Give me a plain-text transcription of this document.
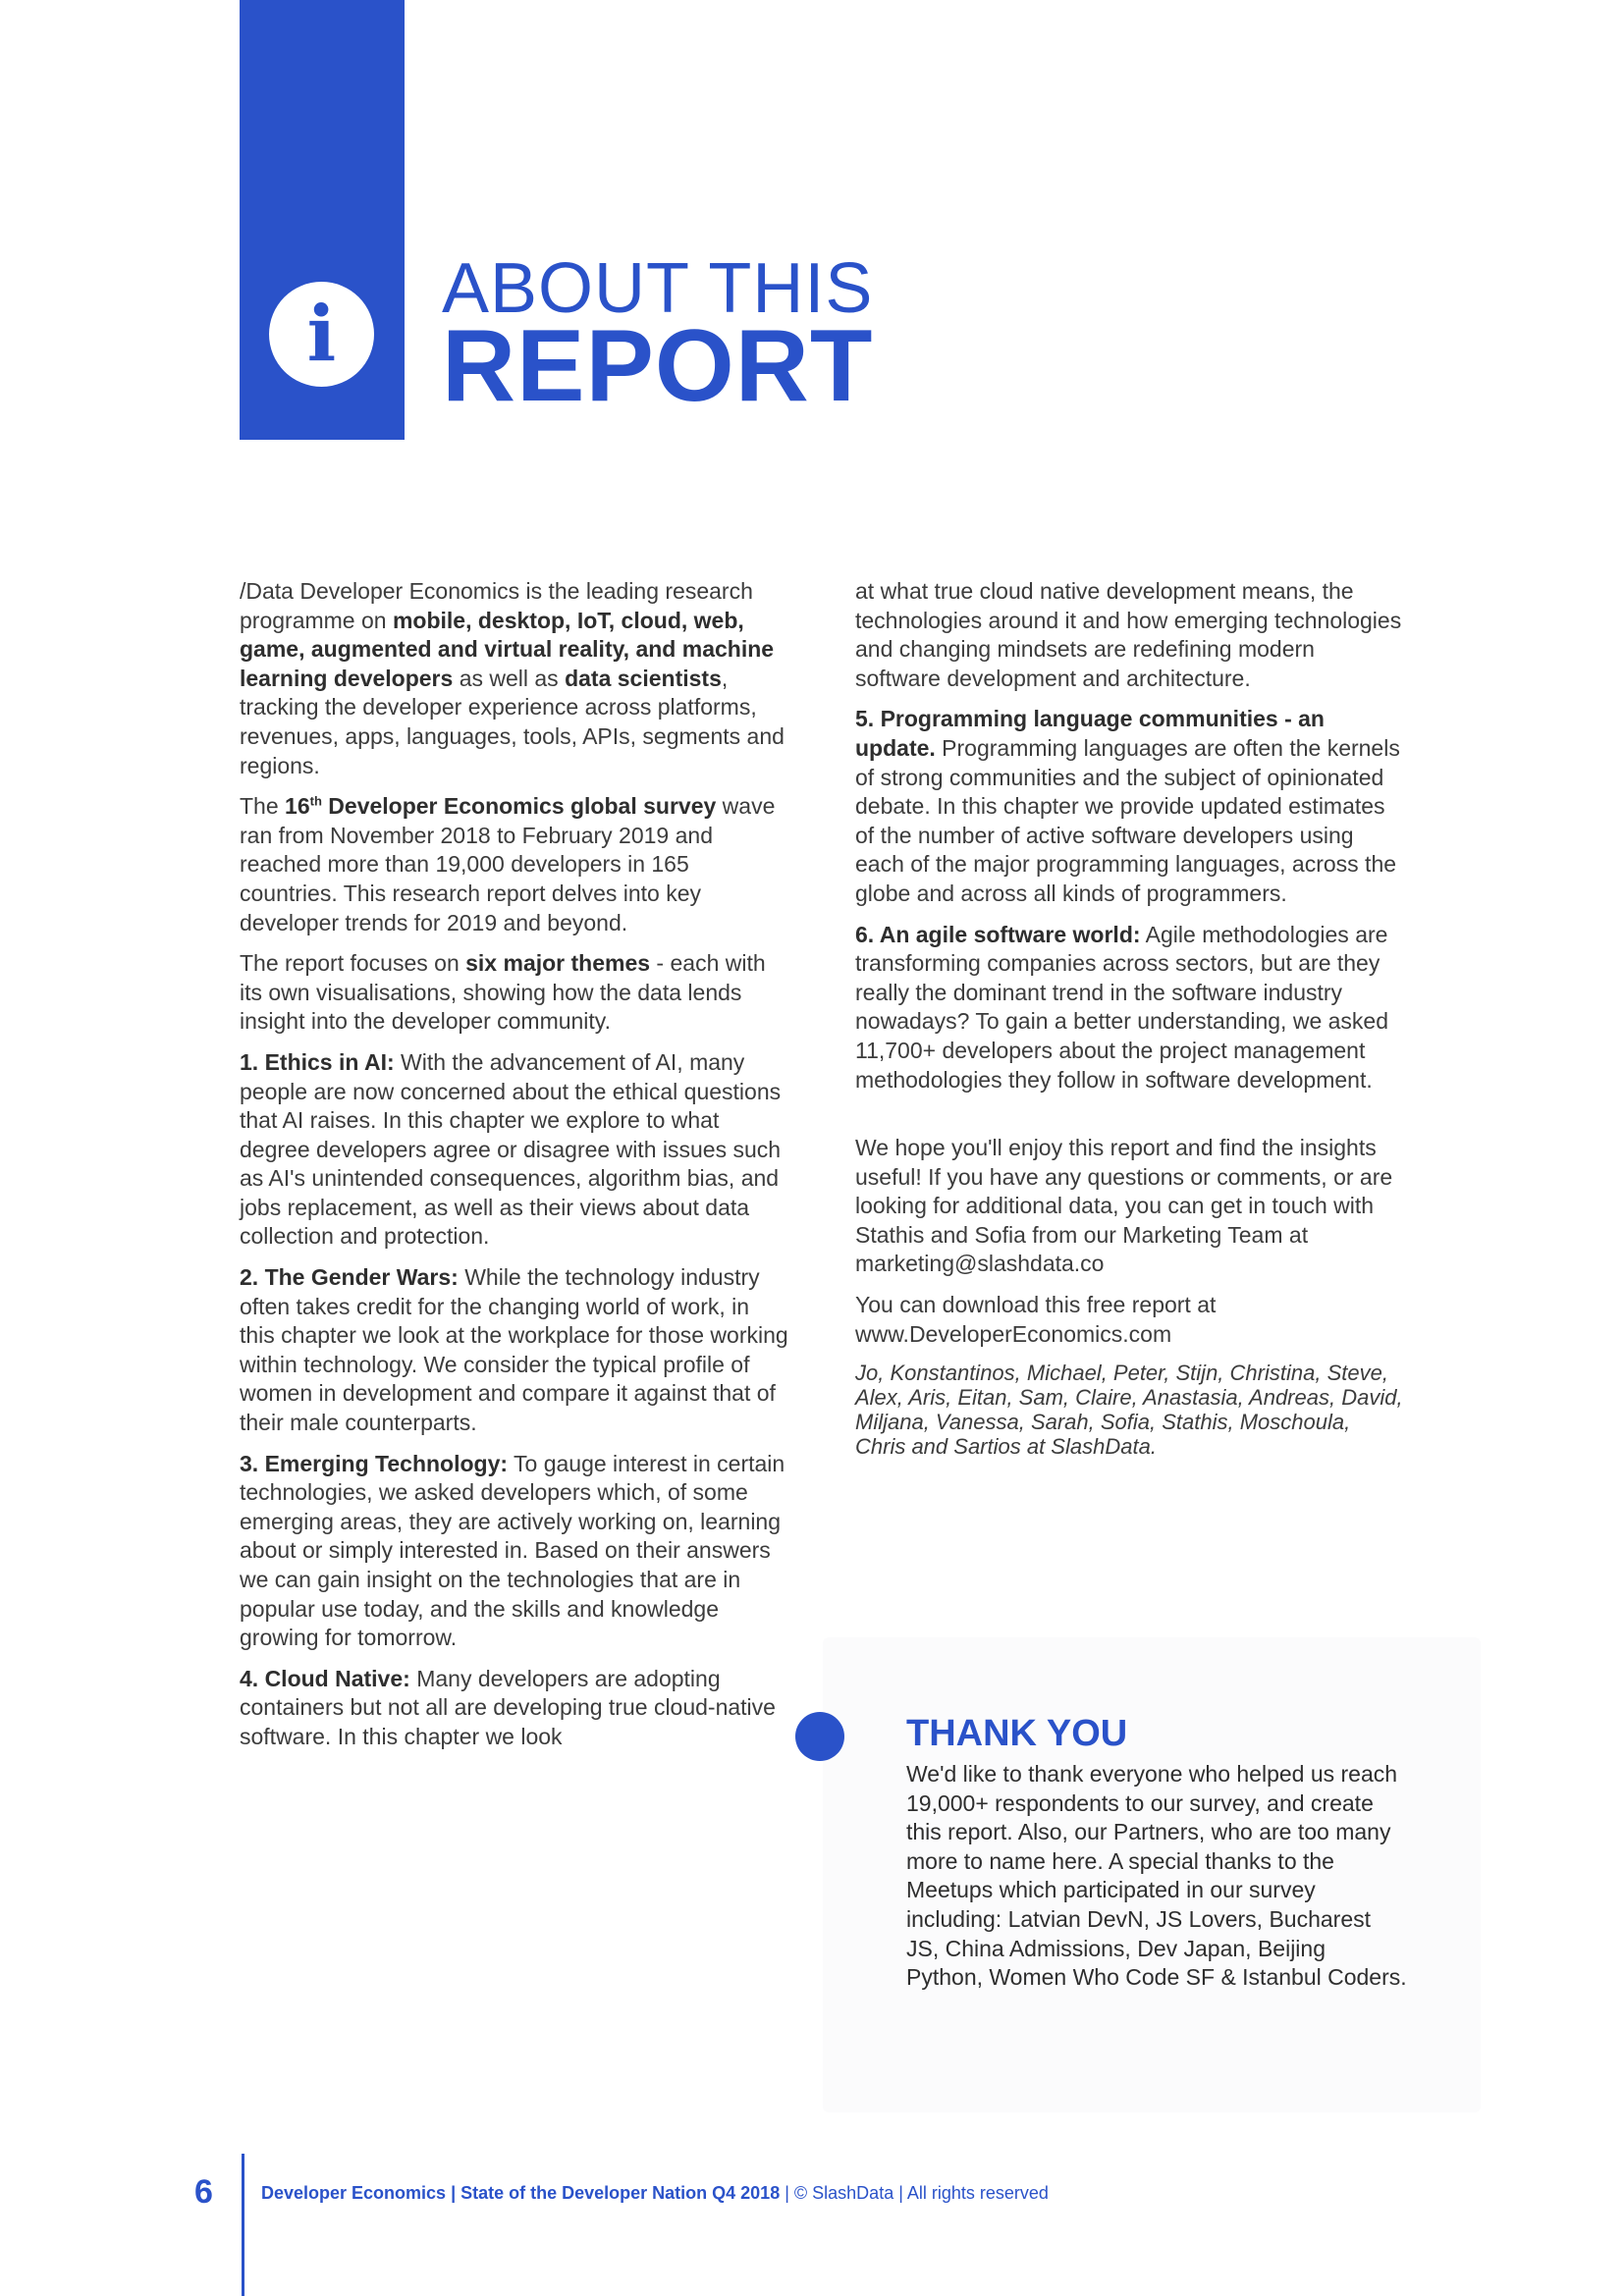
i
ABOUT THIS
REPORT

/Data Developer Economics is the leading research programme on mobile, desktop, IoT, cloud, web, game, augmented and virtual reality, and machine learning developers as well as data scientists, tracking the developer experience across platforms, revenues, apps, languages, tools, APIs, segments and regions.

The 16th Developer Economics global survey wave ran from November 2018 to February 2019 and reached more than 19,000 developers in 165 countries. This research report delves into key developer trends for 2019 and beyond.

The report focuses on six major themes - each with its own visualisations, showing how the data lends insight into the developer community.

1. Ethics in AI: With the advancement of AI, many people are now concerned about the ethical questions that AI raises. In this chapter we explore to what degree developers agree or disagree with issues such as AI's unintended consequences, algorithm bias, and jobs replacement, as well as their views about data collection and protection.

2. The Gender Wars: While the technology industry often takes credit for the changing world of work, in this chapter we look at the workplace for those working within technology. We consider the typical profile of women in development and compare it against that of their male counterparts.

3. Emerging Technology: To gauge interest in certain technologies, we asked developers which, of some emerging areas, they are actively working on, learning about or simply interested in. Based on their answers we can gain insight on the technologies that are in popular use today, and the skills and knowledge growing for tomorrow.

4. Cloud Native: Many developers are adopting containers but not all are developing true cloud-native software. In this chapter we look

at what true cloud native development means, the technologies around it and how emerging technologies and changing mindsets are redefining modern software development and architecture.

5. Programming language communities - an update. Programming languages are often the kernels of strong communities and the subject of opinionated debate. In this chapter we provide updated estimates of the number of active software developers using each of the major programming languages, across the globe and across all kinds of programmers.

6. An agile software world: Agile methodologies are transforming companies across sectors, but are they really the dominant trend in the software industry nowadays? To gain a better understanding, we asked 11,700+ developers about the project management methodologies they follow in software development.

We hope you'll enjoy this report and find the insights useful! If you have any questions or comments, or are looking for additional data, you can get in touch with Stathis and Sofia from our Marketing Team at marketing@slashdata.co

You can download this free report at www.DeveloperEconomics.com

Jo, Konstantinos, Michael, Peter, Stijn, Christina, Steve, Alex, Aris, Eitan, Sam, Claire, Anastasia, Andreas, David, Miljana, Vanessa, Sarah, Sofia, Stathis, Moschoula, Chris and Sartios at SlashData.

THANK YOU

We'd like to thank everyone who helped us reach 19,000+ respondents to our survey, and create this report. Also, our Partners, who are too many more to name here. A special thanks to the Meetups which participated in our survey including: Latvian DevN, JS Lovers, Bucharest JS, China Admissions, Dev Japan, Beijing Python, Women Who Code SF & Istanbul Coders.

6	Developer Economics | State of the Developer Nation Q4 2018 | © SlashData | All rights reserved
